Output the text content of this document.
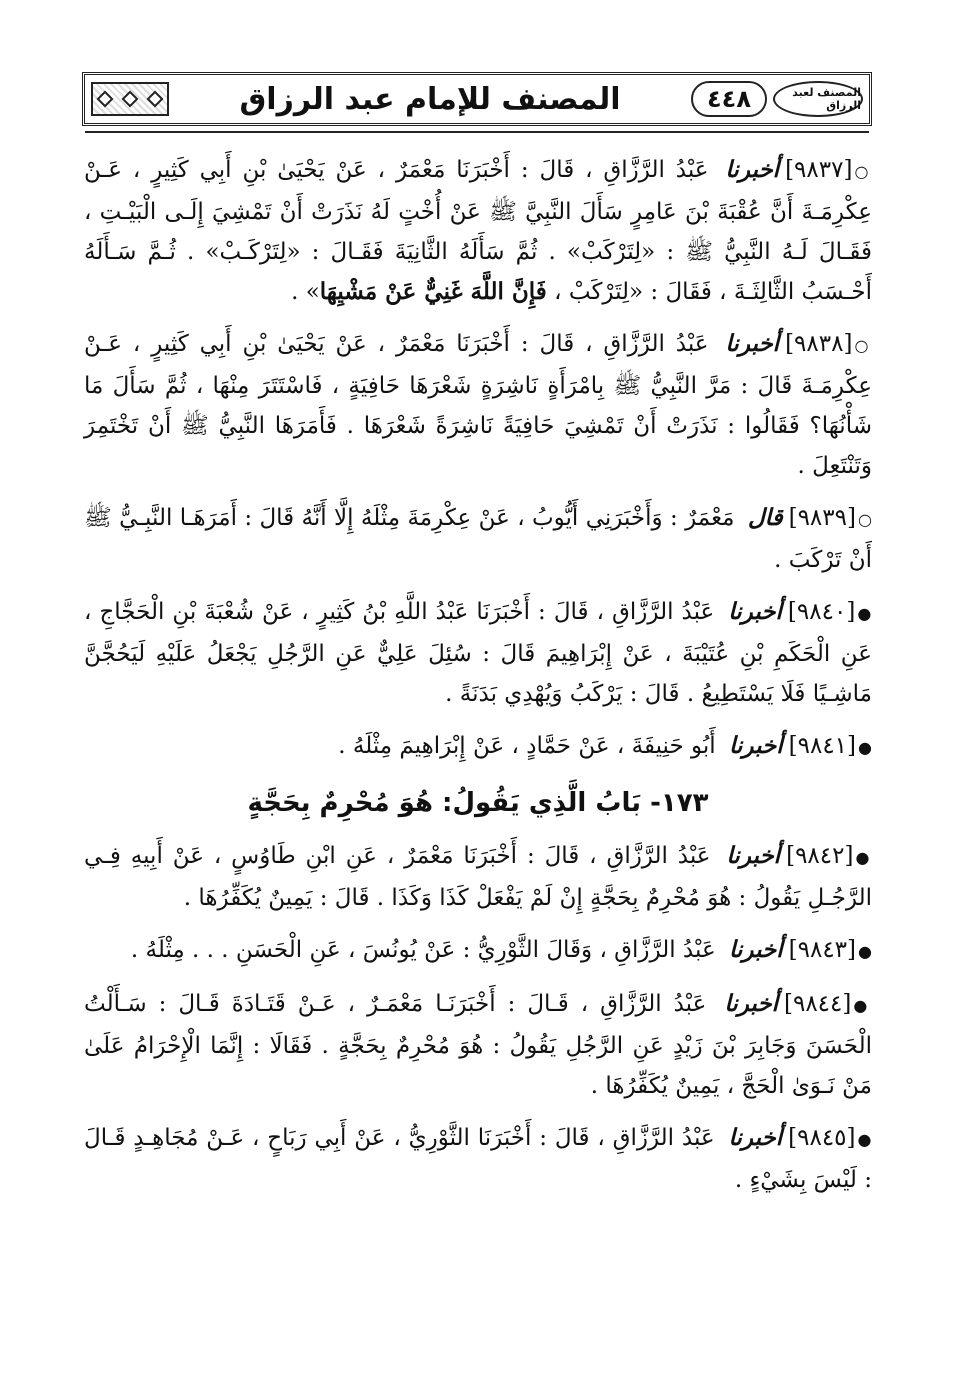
المصنف للإمام عبد الرزاق	٤٤٨	المصنف لعبد الرزاق

○[٩٨٣٧]أخبرنا عَبْدُ الرَّزَّاقِ ، قَالَ : أَخْبَرَنَا مَعْمَرٌ ، عَنْ يَحْيَىٰ بْنِ أَبِي كَثِيرٍ ، عَـنْ عِكْرِمَـةَ أَنَّ عُقْبَةَ بْنَ عَامِرٍ سَأَلَ النَّبِيَّ ﷺ عَنْ أُخْتٍ لَهُ نَذَرَتْ أَنْ تَمْشِيَ إِلَـى الْبَيْـتِ ، فَقَـالَ لَـهُ النَّبِيُّ ﷺ : «لِتَرْكَبْ» . ثُمَّ سَأَلَهُ الثَّانِيَةَ فَقَـالَ : «لِتَرْكَـبْ» . ثُـمَّ سَـأَلَهُ أَحْـسَبُ الثَّالِثَـةَ ، فَقَالَ : «لِتَرْكَبْ ، فَإِنَّ اللَّهَ غَنِيٌّ عَنْ مَشْيِهَا» .

○[٩٨٣٨]أخبرنا عَبْدُ الرَّزَّاقِ ، قَالَ : أَخْبَرَنَا مَعْمَرٌ ، عَنْ يَحْيَىٰ بْنِ أَبِي كَثِيرٍ ، عَـنْ عِكْرِمَـةَ قَالَ : مَرَّ النَّبِيُّ ﷺ بِامْرَأَةٍ نَاشِرَةٍ شَعْرَهَا حَافِيَةٍ ، فَاسْتَتَرَ مِنْهَا ، ثُمَّ سَأَلَ مَا شَأْنُهَا؟ فَقَالُوا : نَذَرَتْ أَنْ تَمْشِيَ حَافِيَةً نَاشِرَةً شَعْرَهَا . فَأَمَرَهَا النَّبِيُّ ﷺ أَنْ تَخْتَمِرَ وَتَنْتَعِلَ .

○[٩٨٣٩]قال مَعْمَرٌ : وَأَخْبَرَنِي أَيُّوبُ ، عَنْ عِكْرِمَةَ مِثْلَهُ إِلَّا أَنَّهُ قَالَ : أَمَرَهَـا النَّبِـيُّ ﷺ أَنْ تَرْكَبَ .

●[٩٨٤٠]أخبرنا عَبْدُ الرَّزَّاقِ ، قَالَ : أَخْبَرَنَا عَبْدُ اللَّهِ بْنُ كَثِيرٍ ، عَنْ شُعْبَةَ بْنِ الْحَجَّاجِ ، عَنِ الْحَكَمِ بْنِ عُتَيْبَةَ ، عَنْ إِبْرَاهِيمَ قَالَ : سُئِلَ عَلِيٌّ عَنِ الرَّجُلِ يَجْعَلُ عَلَيْهِ لَيَحُجَّنَّ مَاشِـيًا فَلَا يَسْتَطِيعُ . قَالَ : يَرْكَبُ وَيُهْدِي بَدَنَةً .

●[٩٨٤١]أخبرنا أَبُو حَنِيفَةَ ، عَنْ حَمَّادٍ ، عَنْ إِبْرَاهِيمَ مِثْلَهُ .

١٧٣- بَابُ الَّذِي يَقُولُ: هُوَ مُحْرِمٌ بِحَجَّةٍ

●[٩٨٤٢]أخبرنا عَبْدُ الرَّزَّاقِ ، قَالَ : أَخْبَرَنَا مَعْمَرٌ ، عَنِ ابْنِ طَاوُسٍ ، عَنْ أَبِيهِ فِـي الرَّجُـلِ يَقُولُ : هُوَ مُحْرِمٌ بِحَجَّةٍ إِنْ لَمْ يَفْعَلْ كَذَا وَكَذَا . قَالَ : يَمِينٌ يُكَفِّرُهَا .

●[٩٨٤٣]أخبرنا عَبْدُ الرَّزَّاقِ ، وَقَالَ الثَّوْرِيُّ : عَنْ يُونُسَ ، عَنِ الْحَسَنِ . . . مِثْلَهُ .

●[٩٨٤٤]أخبرنا عَبْدُ الرَّزَّاقِ ، قَـالَ : أَخْبَرَنَـا مَعْمَـرٌ ، عَـنْ قَتَـادَةَ قَـالَ : سَـأَلْتُ الْحَسَنَ وَجَابِرَ بْنَ زَيْدٍ عَنِ الرَّجُلِ يَقُولُ : هُوَ مُحْرِمٌ بِحَجَّةٍ . فَقَالَا : إِنَّمَا الْإِحْرَامُ عَلَىٰ مَنْ نَـوَىٰ الْحَجَّ ، يَمِينٌ يُكَفِّرُهَا .

●[٩٨٤٥]أخبرنا عَبْدُ الرَّزَّاقِ ، قَالَ : أَخْبَرَنَا الثَّوْرِيُّ ، عَنْ أَبِي رَبَاحٍ ، عَـنْ مُجَاهِـدٍ قَـالَ : لَيْسَ بِشَيْءٍ .
